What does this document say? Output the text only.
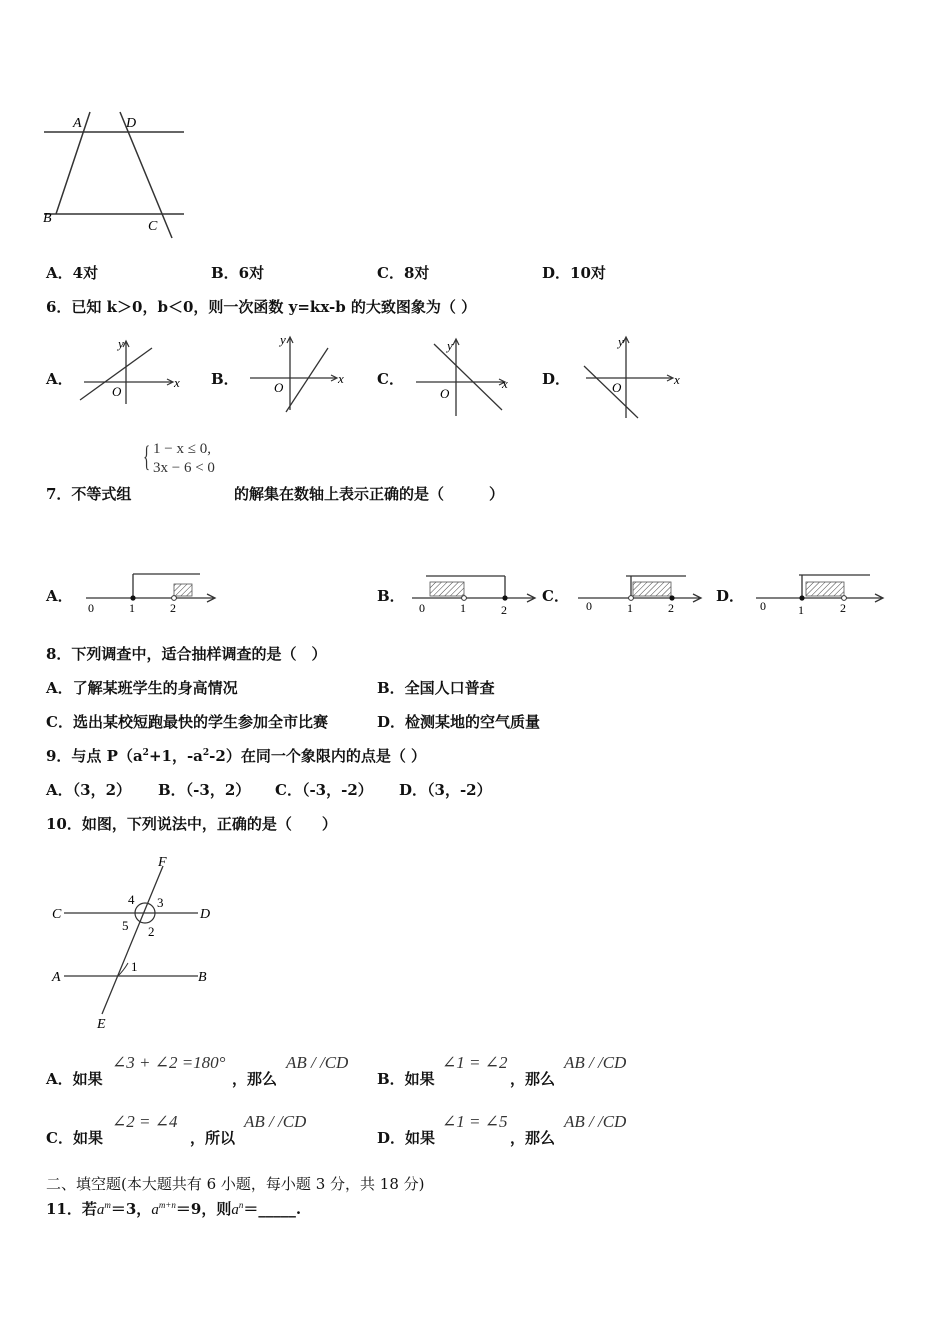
A	D
B
C
A．4对	B．6对	C．8对	D．10对
6．已知 k＞0，b＜0，则一次函数 y=kx-b 的大致图象为（ ）
A．	x
y
O
B．	x
y
O	C．	x
y
O
D．	x
y
O
{ 1 − x ≤ 0,
3x − 6 < 0
7．不等式组	的解集在数轴上表示正确的是（　　　）
A．
0	1	2
B．
0	1	2
C．
0	1	2
D．
0	1	2
8．下列调查中，适合抽样调查的是（　）
A．了解某班学生的身高情况	B．全国人口普查
C．选出某校短跑最快的学生参加全市比赛	D．检测某地的空气质量
9．与点 $P(a^2+1$，$-a^2-2$）在同一个象限内的点是（ ）
A．（3，2） B．（-3，2） C．（-3，-2） D．（3，-2）
10．如图，下列说法中，正确的是（　　）
F
C	D
A	B
E
4 3
5 2
1
A．如果
∠3 + ∠2 =180°
，那么
AB / /CD
B．如果
∠1 = ∠2
，那么
AB / /CD
C．如果
∠2 = ∠4
，所以
AB / /CD
D．如果
∠1 = ∠5
，那么
AB / /CD
二、填空题(本大题共有 6 小题，每小题 3 分，共 18 分)
11．若$a^m=3$，$a^{m+n}=9$，则$a^n=\_\_\_\_\_$.
